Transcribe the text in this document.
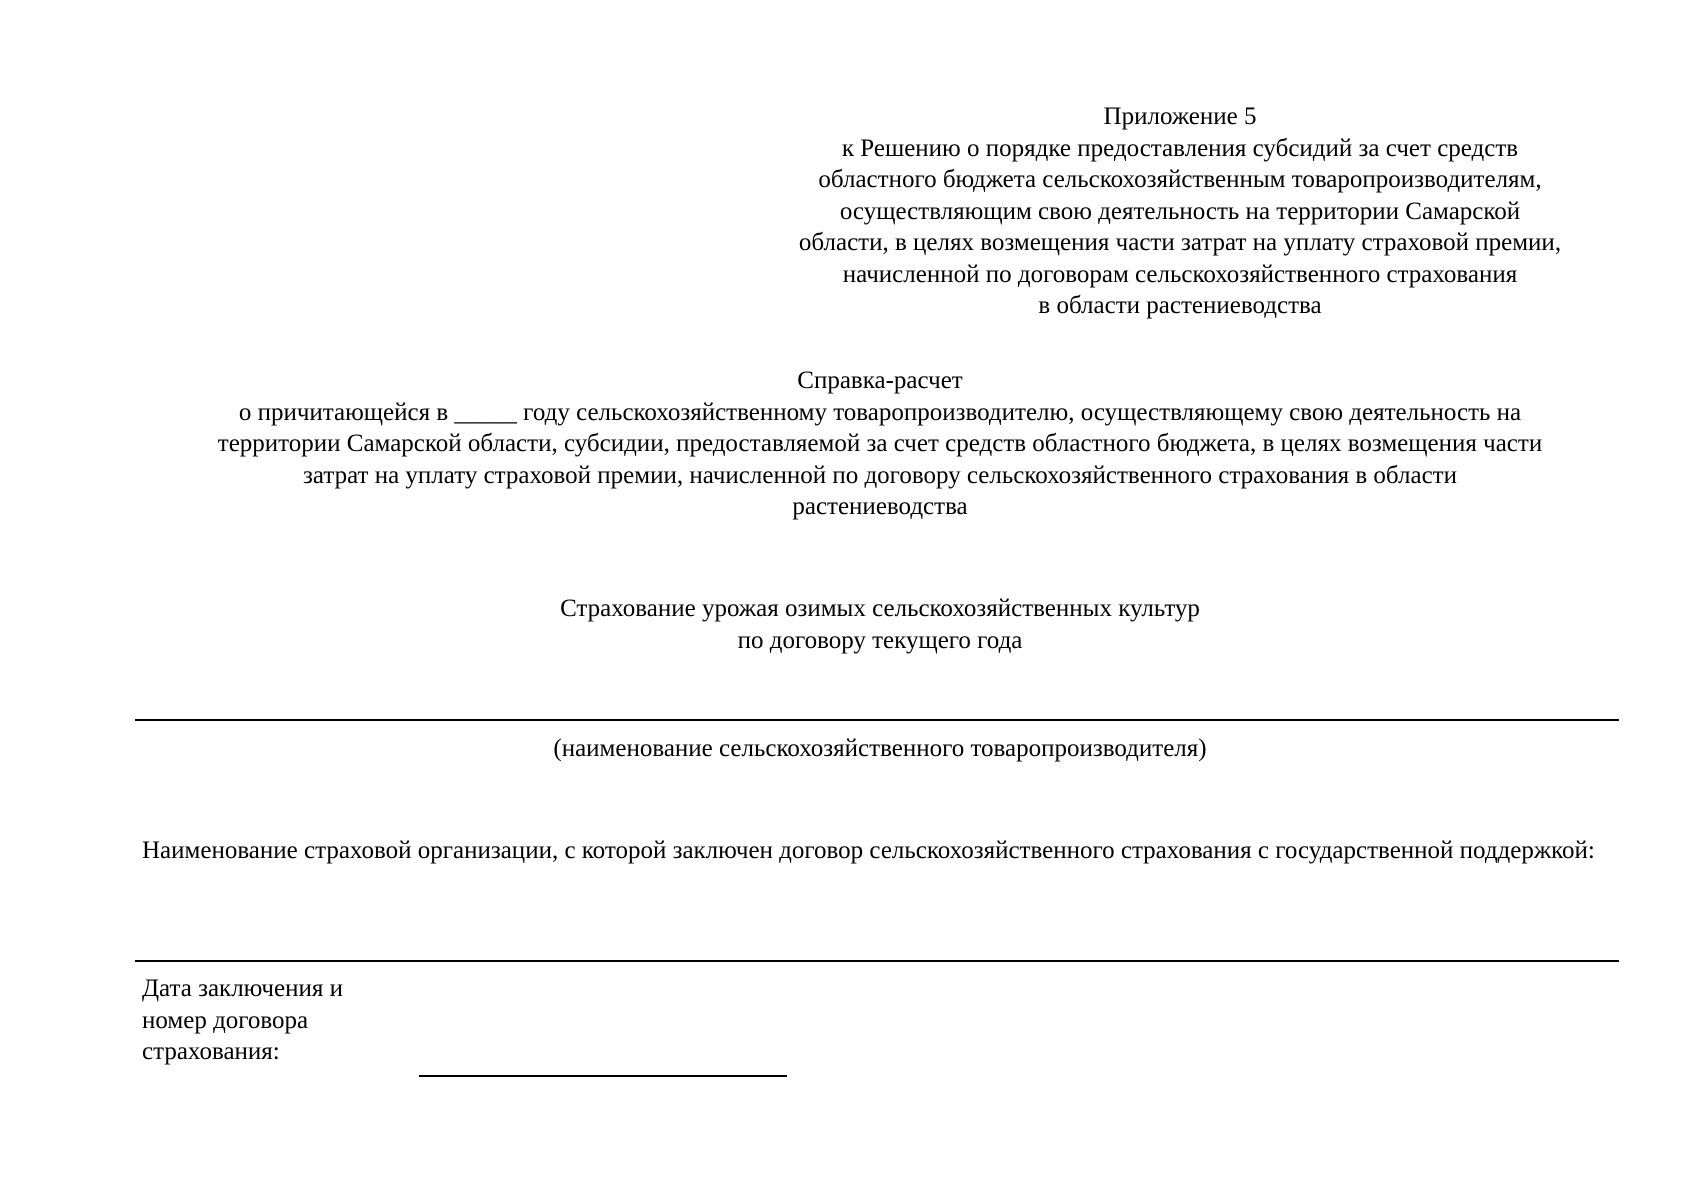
Приложение 5
к Решению о порядке предоставления субсидий за счет средств
областного бюджета сельскохозяйственным товаропроизводителям,
осуществляющим свою деятельность на территории Самарской
области, в целях возмещения части затрат на уплату страховой премии,
начисленной по договорам сельскохозяйственного страхования
в области растениеводства
Справка-расчет
о причитающейся в _____ году сельскохозяйственному товаропроизводителю, осуществляющему свою деятельность на
территории Самарской области, субсидии, предоставляемой за счет средств областного бюджета, в целях возмещения части
затрат на уплату страховой премии, начисленной по договору сельскохозяйственного страхования в области
растениеводства
Страхование урожая озимых сельскохозяйственных культур
по договору текущего года
(наименование сельскохозяйственного товаропроизводителя)
Наименование страховой организации, с которой заключен договор сельскохозяйственного страхования с государственной поддержкой:
Дата заключения и
номер договора
страхования:
